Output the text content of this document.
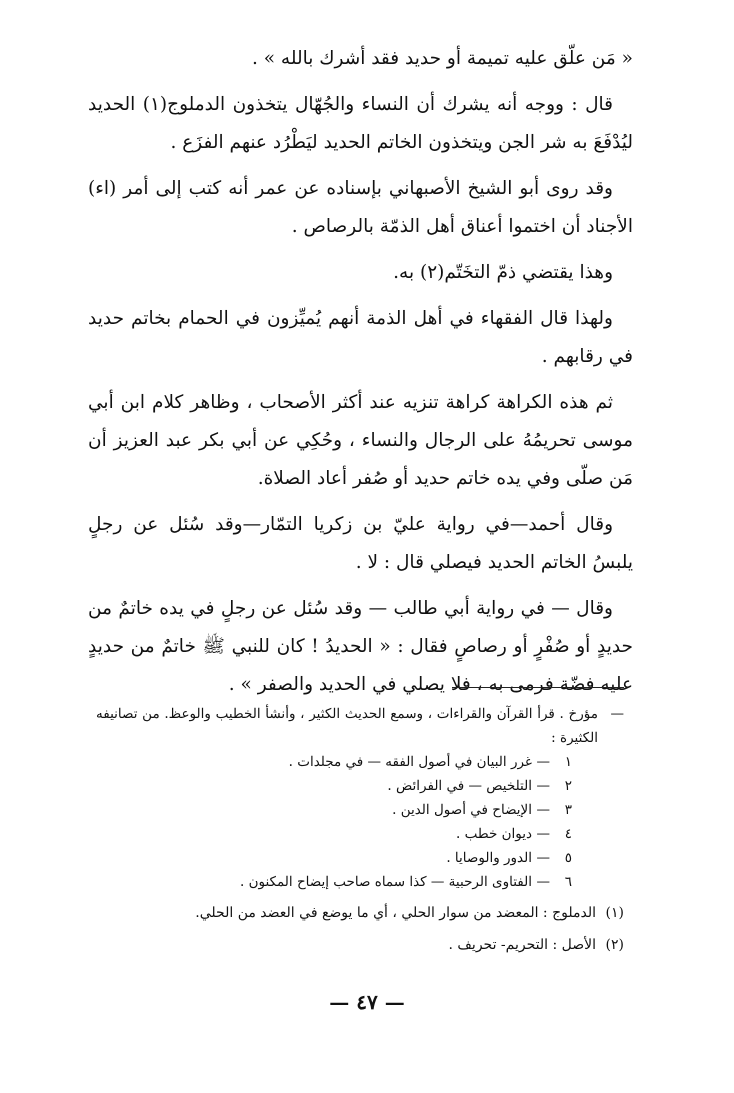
« مَن علّق عليه تميمة أو حديد فقد أشرك بالله » .

قال : ووجه أنه يشرك أن النساء والجُهّال يتخذون الدملوج(١) الحديد ليُدْفَعَ به شر الجن ويتخذون الخاتم الحديد ليَطْرُد عنهم الفزَع .

وقد روى أبو الشيخ الأصبهاني بإسناده عن عمر أنه كتب إلى أمر (اء) الأجناد أن اختموا أعناق أهل الذمّة بالرصاص .

وهذا يقتضي ذمّ التخَتّم(٢) به.

ولهذا قال الفقهاء في أهل الذمة أنهم يُميِّزون في الحمام بخاتم حديد في رقابهم .

ثم هذه الكراهة كراهة تنزيه عند أكثر الأصحاب ، وظاهر كلام ابن أبي موسى تحريمُهُ على الرجال والنساء ، وحُكِي عن أبي بكر عبد العزيز أن مَن صلّى وفي يده خاتم حديد أو صُفر أعاد الصلاة.

وقال أحمد—في رواية عليّ بن زكريا التمّار—وقد سُئل عن رجلٍ يلبسُ الخاتم الحديد فيصلي قال : لا .

وقال — في رواية أبي طالب — وقد سُئل عن رجلٍ في يده خاتمٌ من حديدٍ أو صُفْرٍ أو رصاصٍ فقال : « الحديدُ ! كان للنبي ﷺ خاتمٌ من حديدٍ عليه فضّة فرمى به ، فلا يصلي في الحديد والصفر » .

—
مؤرخ . قرأ القرآن والقراءات ، وسمع الحديث الكثير ، وأنشأ الخطيب والوعظ. من تصانيفه الكثيرة :
١
—
غرر البيان في أصول الفقه — في مجلدات .
٢
—
التلخيص — في الفرائض .
٣
—
الإيضاح في أصول الدين .
٤
—
ديوان خطب .
٥
—
الدور والوصايا .
٦
—
الفتاوى الرحبية — كذا سماه صاحب إيضاح المكنون .
(١)
الدملوج : المعضد من سوار الحلي ، أي ما يوضع في العضد من الحلي.
(٢)
الأصل : التحريم- تحريف .
— ٤٧ —
